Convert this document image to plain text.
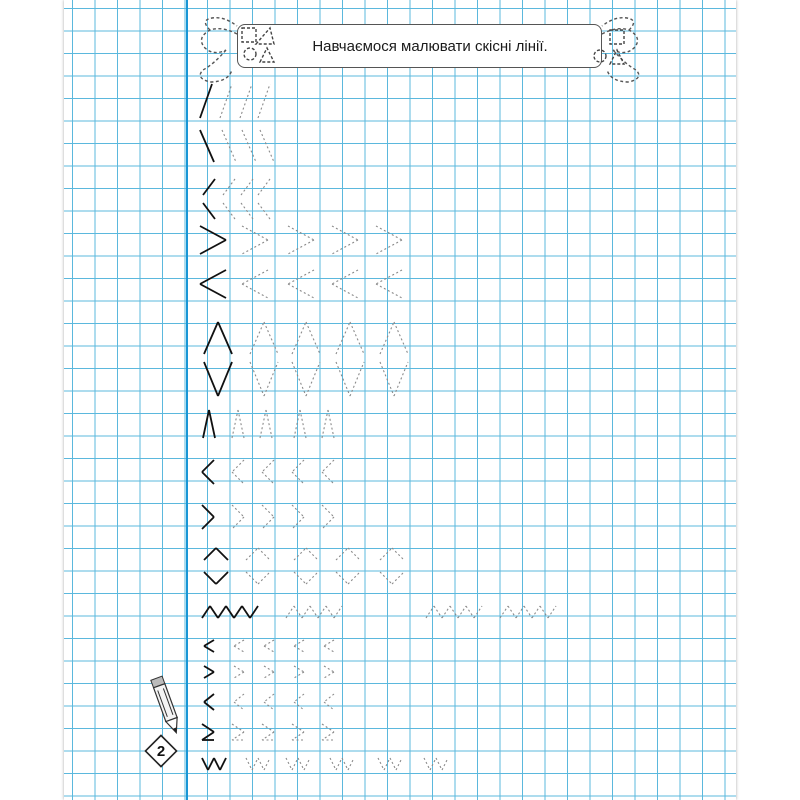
Навчаємося малювати скісні лінії.
2
